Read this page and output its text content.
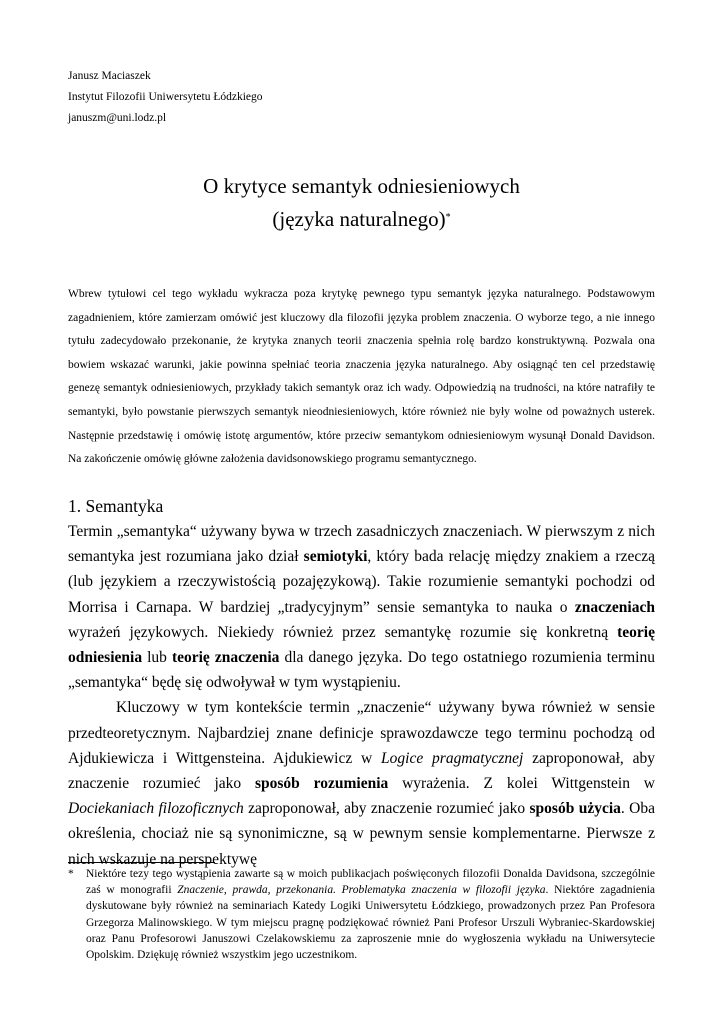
Janusz Maciaszek
Instytut Filozofii Uniwersytetu Łódzkiego
januszm@uni.lodz.pl
O krytyce semantyk odniesieniowych
(języka naturalnego)*
Wbrew tytułowi cel tego wykładu wykracza poza krytykę pewnego typu semantyk języka naturalnego. Podstawowym zagadnieniem, które zamierzam omówić jest kluczowy dla filozofii języka problem znaczenia. O wyborze tego, a nie innego tytułu zadecydowało przekonanie, że krytyka znanych teorii znaczenia spełnia rolę bardzo konstruktywną. Pozwala ona bowiem wskazać warunki, jakie powinna spełniać teoria znaczenia języka naturalnego. Aby osiągnąć ten cel przedstawię genezę semantyk odniesieniowych, przykłady takich semantyk oraz ich wady. Odpowiedzią na trudności, na które natrafiły te semantyki, było powstanie pierwszych semantyk nieodniesieniowych, które również nie były wolne od poważnych usterek. Następnie przedstawię i omówię istotę argumentów, które przeciw semantykom odniesieniowym wysunął Donald Davidson. Na zakończenie omówię główne założenia davidsonowskiego programu semantycznego.
1. Semantyka

Termin „semantyka“ używany bywa w trzech zasadniczych znaczeniach. W pierwszym z nich semantyka jest rozumiana jako dział semiotyki, który bada relację między znakiem a rzeczą (lub językiem a rzeczywistością pozajęzykową). Takie rozumienie semantyki pochodzi od Morrisa i Carnapa. W bardziej „tradycyjnym” sensie semantyka to nauka o znaczeniach wyrażeń językowych. Niekiedy również przez semantykę rozumie się konkretną teorię odniesienia lub teorię znaczenia dla danego języka. Do tego ostatniego rozumienia terminu „semantyka“ będę się odwoływał w tym wystąpieniu.

Kluczowy w tym kontekście termin „znaczenie“ używany bywa również w sensie przedteoretycznym. Najbardziej znane definicje sprawozdawcze tego terminu pochodzą od Ajdukiewicza i Wittgensteina. Ajdukiewicz w Logice pragmatycznej zaproponował, aby znaczenie rozumieć jako sposób rozumienia wyrażenia. Z kolei Wittgenstein w Dociekaniach filozoficznych zaproponował, aby znaczenie rozumieć jako sposób użycia. Oba określenia, chociaż nie są synonimiczne, są w pewnym sensie komplementarne. Pierwsze z nich wskazuje na perspektywę

* Niektóre tezy tego wystąpienia zawarte są w moich publikacjach poświęconych filozofii Donalda Davidsona, szczególnie zaś w monografii Znaczenie, prawda, przekonania. Problematyka znaczenia w filozofii języka. Niektóre zagadnienia dyskutowane były również na seminariach Katedy Logiki Uniwersytetu Łódzkiego, prowadzonych przez Pan Profesora Grzegorza Malinowskiego. W tym miejscu pragnę podziękować również Pani Profesor Urszuli Wybraniec-Skardowskiej oraz Panu Profesorowi Januszowi Czelakowskiemu za zaproszenie mnie do wygłoszenia wykładu na Uniwersytecie Opolskim. Dziękuję również wszystkim jego uczestnikom.
